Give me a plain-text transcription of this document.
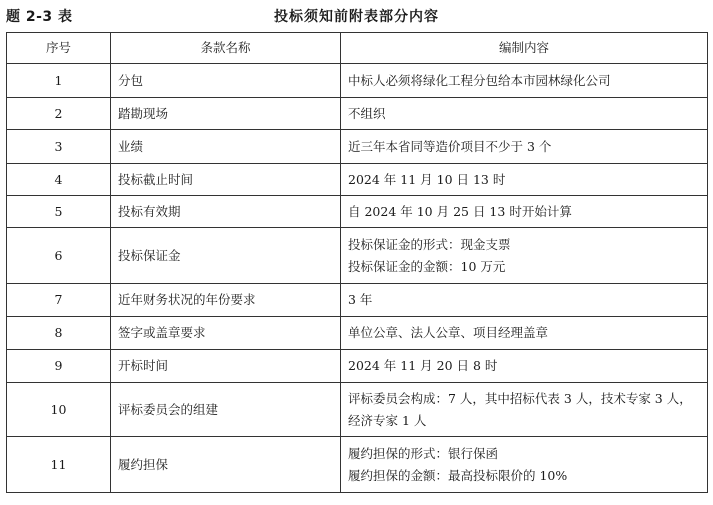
题 2-3 表	投标须知前附表部分内容
序号	条款名称	编制内容
1	分包	中标人必须将绿化工程分包给本市园林绿化公司

2	踏勘现场	不组织

3	业绩	近三年本省同等造价项目不少于 3 个

4	投标截止时间	2024 年 11 月 10 日 13 时

5	投标有效期	自 2024 年 10 月 25 日 13 时开始计算

6	投标保证金	投标保证金的形式：现金支票
投标保证金的金额：10 万元

7	近年财务状况的年份要求	3 年

8	签字或盖章要求	单位公章、法人公章、项目经理盖章

9	开标时间	2024 年 11 月 20 日 8 时

10	评标委员会的组建	评标委员会构成：7 人，其中招标代表 3 人，技术专家 3 人，经济专家 1 人
11	履约担保	履约担保的形式：银行保函
履约担保的金额：最高投标限价的 10%
